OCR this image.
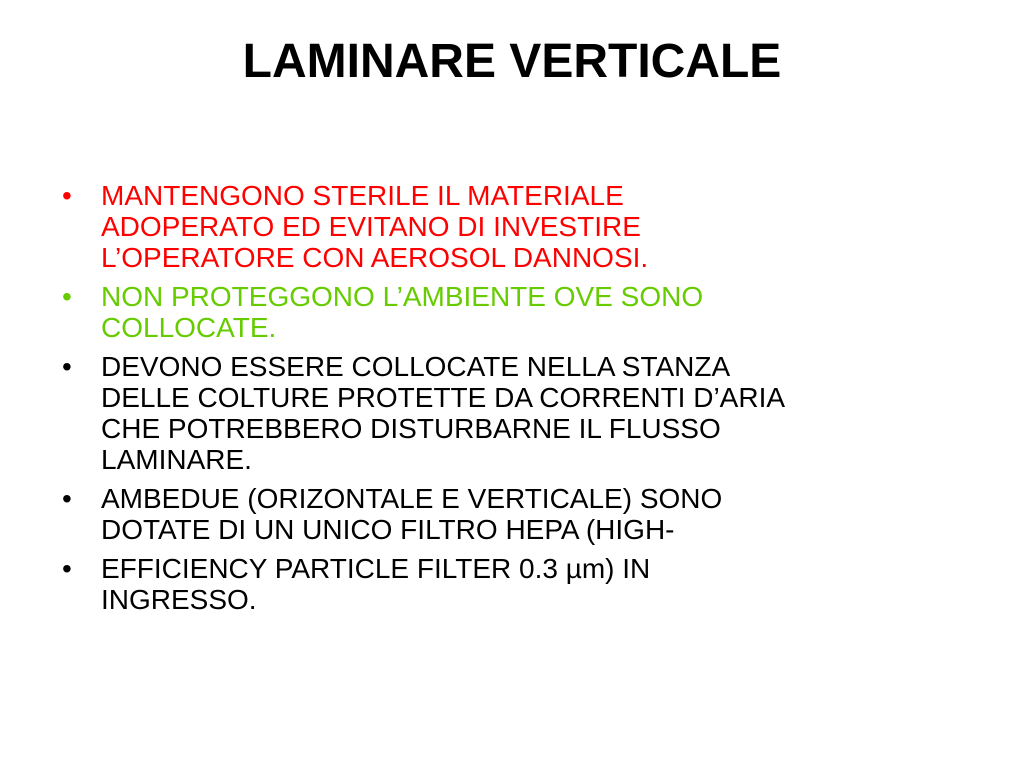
LAMINARE VERTICALE
• MANTENGONO STERILE IL MATERIALE
ADOPERATO ED EVITANO DI INVESTIRE
L’OPERATORE CON AEROSOL DANNOSI.
• NON PROTEGGONO L’AMBIENTE OVE SONO
COLLOCATE.
• DEVONO ESSERE COLLOCATE NELLA STANZA
DELLE COLTURE PROTETTE DA CORRENTI D’ARIA
CHE POTREBBERO DISTURBARNE IL FLUSSO
LAMINARE.
• AMBEDUE (ORIZONTALE E VERTICALE) SONO
DOTATE DI UN UNICO FILTRO HEPA (HIGH-
• EFFICIENCY PARTICLE FILTER 0.3 µm) IN
INGRESSO.
